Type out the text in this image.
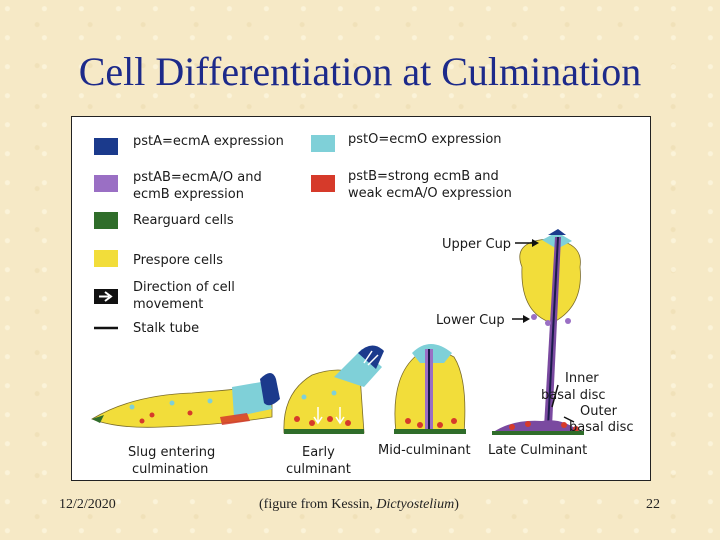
Cell Differentiation at Culmination
pstA=ecmA expression
pstAB=ecmA/O and
ecmB expression
Rearguard cells
Prespore cells
Direction of cell
movement
Stalk tube
pstO=ecmO expression
pstB=strong ecmB and
weak ecmA/O expression
Upper Cup
Lower Cup
Inner
basal disc
Outer
basal disc
Slug entering
culmination
Early
culminant
Mid-culminant Late Culminant
12/2/2020	(figure from Kessin, Dictyostelium)	22
